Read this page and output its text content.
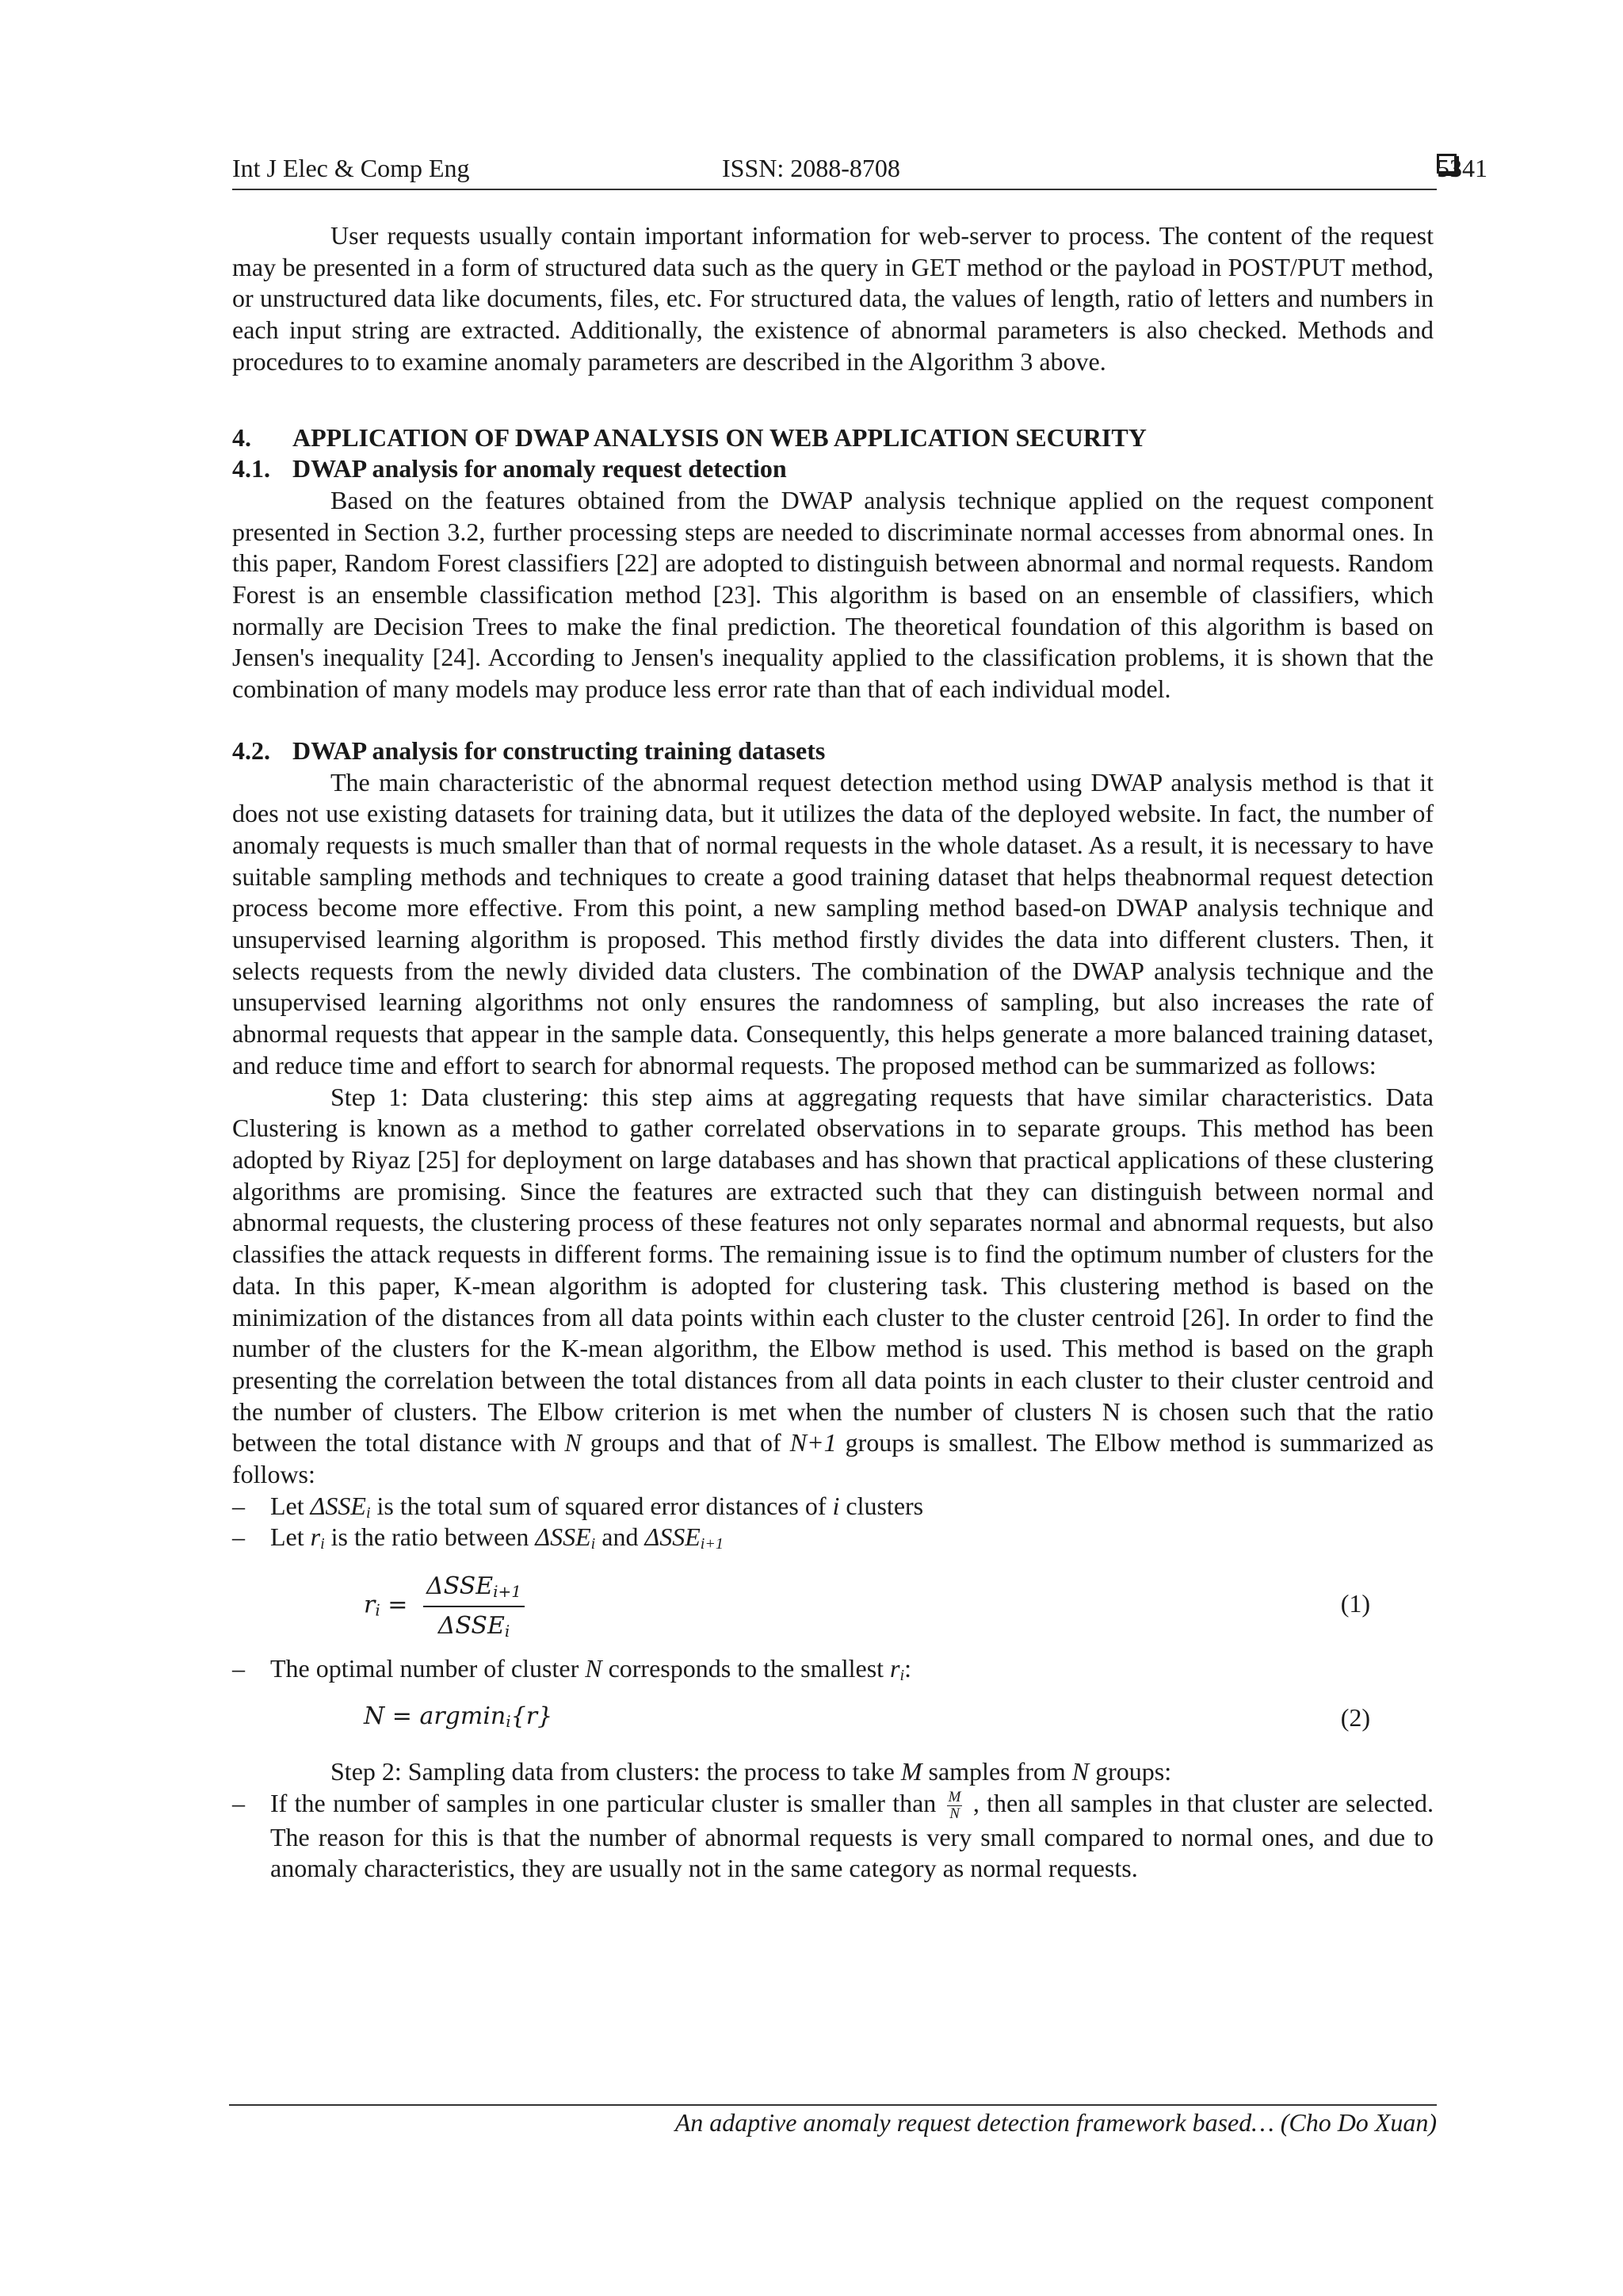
Int J Elec & Comp Eng	ISSN: 2088-8708	5341

User requests usually contain important information for web-server to process. The content of the request may be presented in a form of structured data such as the query in GET method or the payload in POST/PUT method, or unstructured data like documents, files, etc. For structured data, the values of length, ratio of letters and numbers in each input string are extracted. Additionally, the existence of abnormal parameters is also checked. Methods and procedures to to examine anomaly parameters are described in the Algorithm 3 above.

4. APPLICATION OF DWAP ANALYSIS ON WEB APPLICATION SECURITY

4.1. DWAP analysis for anomaly request detection

Based on the features obtained from the DWAP analysis technique applied on the request component presented in Section 3.2, further processing steps are needed to discriminate normal accesses from abnormal ones. In this paper, Random Forest classifiers [22] are adopted to distinguish between abnormal and normal requests. Random Forest is an ensemble classification method [23]. This algorithm is based on an ensemble of classifiers, which normally are Decision Trees to make the final prediction. The theoretical foundation of this algorithm is based on Jensen's inequality [24]. According to Jensen's inequality applied to the classification problems, it is shown that the combination of many models may produce less error rate than that of each individual model.

4.2. DWAP analysis for constructing training datasets

The main characteristic of the abnormal request detection method using DWAP analysis method is that it does not use existing datasets for training data, but it utilizes the data of the deployed website. In fact, the number of anomaly requests is much smaller than that of normal requests in the whole dataset. As a result, it is necessary to have suitable sampling methods and techniques to create a good training dataset that helps theabnormal request detection process become more effective. From this point, a new sampling method based-on DWAP analysis technique and unsupervised learning algorithm is proposed. This method firstly divides the data into different clusters. Then, it selects requests from the newly divided data clusters. The combination of the DWAP analysis technique and the unsupervised learning algorithms not only ensures the randomness of sampling, but also increases the rate of abnormal requests that appear in the sample data. Consequently, this helps generate a more balanced training dataset, and reduce time and effort to search for abnormal requests. The proposed method can be summarized as follows:

Step 1: Data clustering: this step aims at aggregating requests that have similar characteristics. Data Clustering is known as a method to gather correlated observations in to separate groups. This method has been adopted by Riyaz [25] for deployment on large databases and has shown that practical applications of these clustering algorithms are promising. Since the features are extracted such that they can distinguish between normal and abnormal requests, the clustering process of these features not only separates normal and abnormal requests, but also classifies the attack requests in different forms. The remaining issue is to find the optimum number of clusters for the data. In this paper, K-mean algorithm is adopted for clustering task. This clustering method is based on the minimization of the distances from all data points within each cluster to the cluster centroid [26]. In order to find the number of the clusters for the K-mean algorithm, the Elbow method is used. This method is based on the graph presenting the correlation between the total distances from all data points in each cluster to their cluster centroid and the number of clusters. The Elbow criterion is met when the number of clusters N is chosen such that the ratio between the total distance with N groups and that of N+1 groups is smallest. The Elbow method is summarized as follows:

– Let $\Delta SSE_i$ is the total sum of squared error distances of i clusters

– Let $r_i$ is the ratio between $\Delta SSE_i$ and $\Delta SSE_{i+1}$

$r_i = \frac{\Delta SSE_{i+1}}{\Delta SSE_i}$	(1)

– The optimal number of cluster N corresponds to the smallest $r_i$:

N = argmin$_i${r}	(2)

Step 2: Sampling data from clusters: the process to take M samples from N groups:

– If the number of samples in one particular cluster is smaller than $\frac{M}{N}$ , then all samples in that cluster are selected. The reason for this is that the number of abnormal requests is very small compared to normal ones, and due to anomaly characteristics, they are usually not in the same category as normal requests.

An adaptive anomaly request detection framework based… (Cho Do Xuan)
